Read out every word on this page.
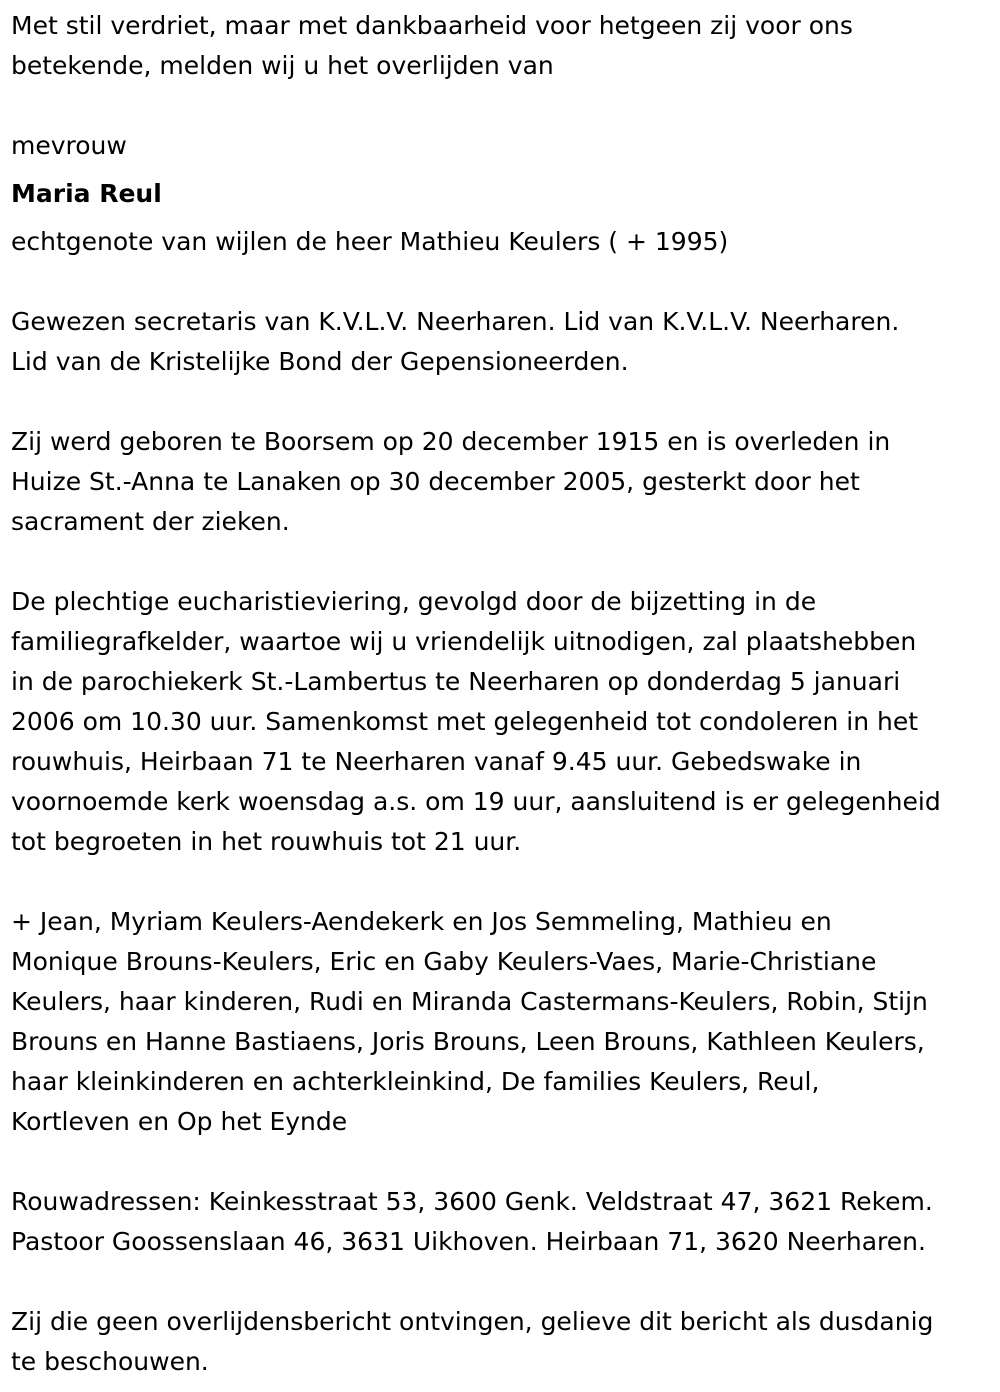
Met stil verdriet, maar met dankbaarheid voor hetgeen zij voor ons

betekende, melden wij u het overlijden van

mevrouw

Maria Reul

echtgenote van wijlen de heer Mathieu Keulers ( + 1995)

Gewezen secretaris van K.V.L.V. Neerharen. Lid van K.V.L.V. Neerharen.

Lid van de Kristelijke Bond der Gepensioneerden.

Zij werd geboren te Boorsem op 20 december 1915 en is overleden in

Huize St.-Anna te Lanaken op 30 december 2005, gesterkt door het

sacrament der zieken.

De plechtige eucharistieviering, gevolgd door de bijzetting in de

familiegrafkelder, waartoe wij u vriendelijk uitnodigen, zal plaatshebben

in de parochiekerk St.-Lambertus te Neerharen op donderdag 5 januari

2006 om 10.30 uur. Samenkomst met gelegenheid tot condoleren in het

rouwhuis, Heirbaan 71 te Neerharen vanaf 9.45 uur. Gebedswake in

voornoemde kerk woensdag a.s. om 19 uur, aansluitend is er gelegenheid

tot begroeten in het rouwhuis tot 21 uur.

+ Jean, Myriam Keulers-Aendekerk en Jos Semmeling, Mathieu en

Monique Brouns-Keulers, Eric en Gaby Keulers-Vaes, Marie-Christiane

Keulers, haar kinderen, Rudi en Miranda Castermans-Keulers, Robin, Stijn

Brouns en Hanne Bastiaens, Joris Brouns, Leen Brouns, Kathleen Keulers,

haar kleinkinderen en achterkleinkind, De families Keulers, Reul,

Kortleven en Op het Eynde

Rouwadressen: Keinkesstraat 53, 3600 Genk. Veldstraat 47, 3621 Rekem.

Pastoor Goossenslaan 46, 3631 Uikhoven. Heirbaan 71, 3620 Neerharen.

Zij die geen overlijdensbericht ontvingen, gelieve dit bericht als dusdanig

te beschouwen.
